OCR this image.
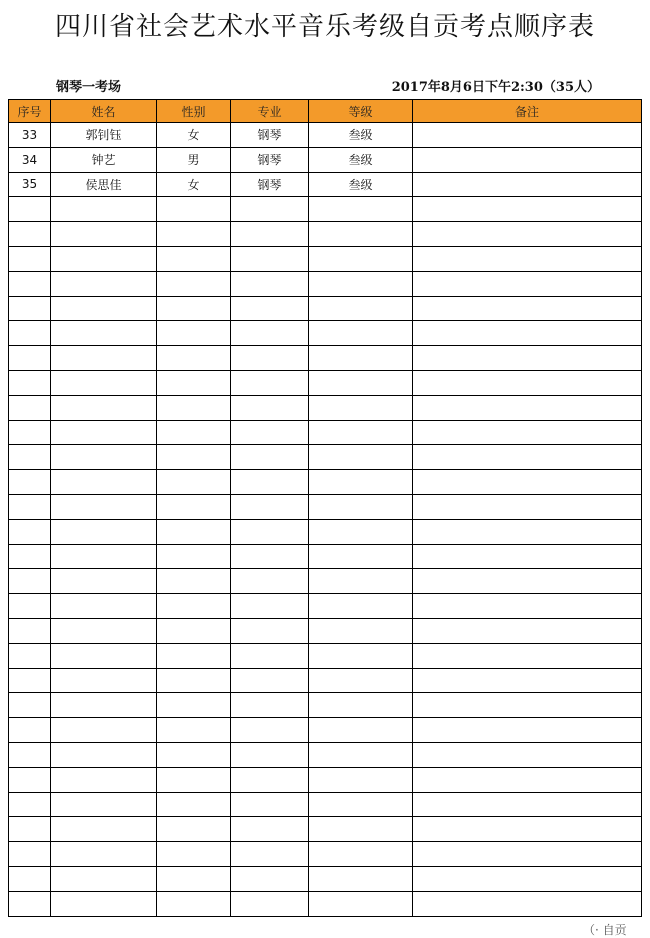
四川省社会艺术水平音乐考级自贡考点顺序表
钢琴一考场	2017年8月6日下午2:30（35人）
序号	姓名	性别	专业	等级	备注
33	郭钊钰	女	钢琴	叁级	
34	钟艺	男	钢琴	叁级	
35	侯思佳	女	钢琴	叁级	

（· 自贡
